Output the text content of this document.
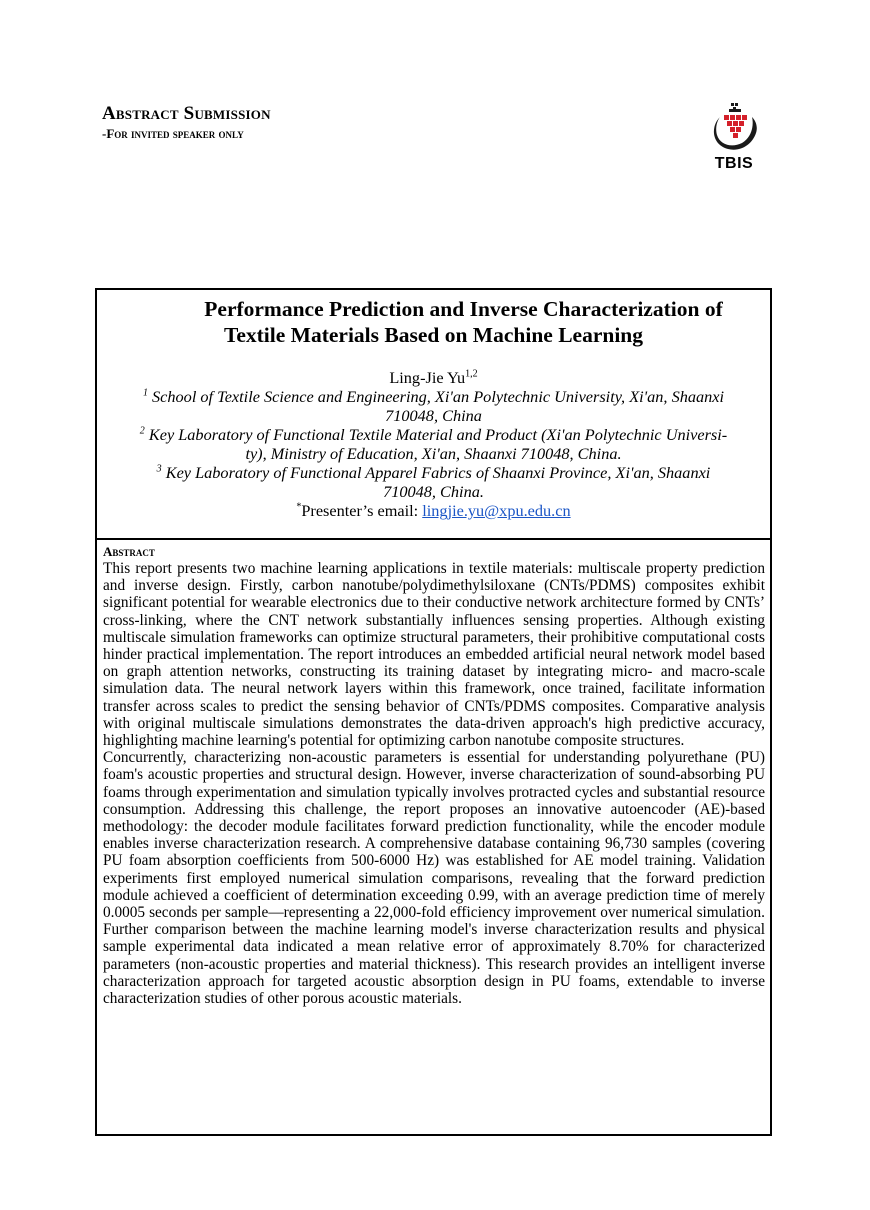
Abstract Submission
-For invited speaker only
TBIS
Performance Prediction and Inverse Characterization of
Textile Materials Based on Machine Learning
Ling-Jie Yu$^{1,2}$
$^1$ School of Textile Science and Engineering, Xi'an Polytechnic University, Xi'an, Shaanxi
710048, China
$^2$ Key Laboratory of Functional Textile Material and Product (Xi'an Polytechnic Universi-
ty), Ministry of Education, Xi'an, Shaanxi 710048, China.
$^3$ Key Laboratory of Functional Apparel Fabrics of Shaanxi Province, Xi'an, Shaanxi
710048, China.
*Presenter’s email: lingjie.yu@xpu.edu.cn
Abstract

This report presents two machine learning applications in textile materials: multiscale property prediction and inverse design. Firstly, carbon nanotube/polydimethylsiloxane (CNTs/PDMS) composites exhibit significant potential for wearable electronics due to their conductive network architecture formed by CNTs’ cross-linking, where the CNT network substantially influences sensing properties. Although existing multiscale simulation frameworks can optimize structural parameters, their prohibitive computational costs hinder practical implementation. The report introduces an embedded artificial neural network model based on graph attention networks, constructing its training dataset by integrating micro- and macro-scale simulation data. The neural network layers within this framework, once trained, facilitate information transfer across scales to predict the sensing behavior of CNTs/PDMS composites. Comparative analysis with original multiscale simulations demonstrates the data-driven approach's high predictive accuracy, highlighting machine learning's potential for optimizing carbon nanotube composite structures.

Concurrently, characterizing non-acoustic parameters is essential for understanding polyurethane (PU) foam's acoustic properties and structural design. However, inverse characterization of sound-absorbing PU foams through experimentation and simulation typically involves protracted cycles and substantial resource consumption. Addressing this challenge, the report proposes an innovative autoencoder (AE)-based methodology: the decoder module facilitates forward prediction functionality, while the encoder module enables inverse characterization research. A comprehensive database containing 96,730 samples (covering PU foam absorption coefficients from 500-6000 Hz) was established for AE model training. Validation experiments first employed numerical simulation comparisons, revealing that the forward prediction module achieved a coefficient of determination exceeding 0.99, with an average prediction time of merely 0.0005 seconds per sample—representing a 22,000-fold efficiency improvement over numerical simulation. Further comparison between the machine learning model's inverse characterization results and physical sample experimental data indicated a mean relative error of approximately 8.70% for characterized parameters (non-acoustic properties and material thickness). This research provides an intelligent inverse characterization approach for targeted acoustic absorption design in PU foams, extendable to inverse characterization studies of other porous acoustic materials.
